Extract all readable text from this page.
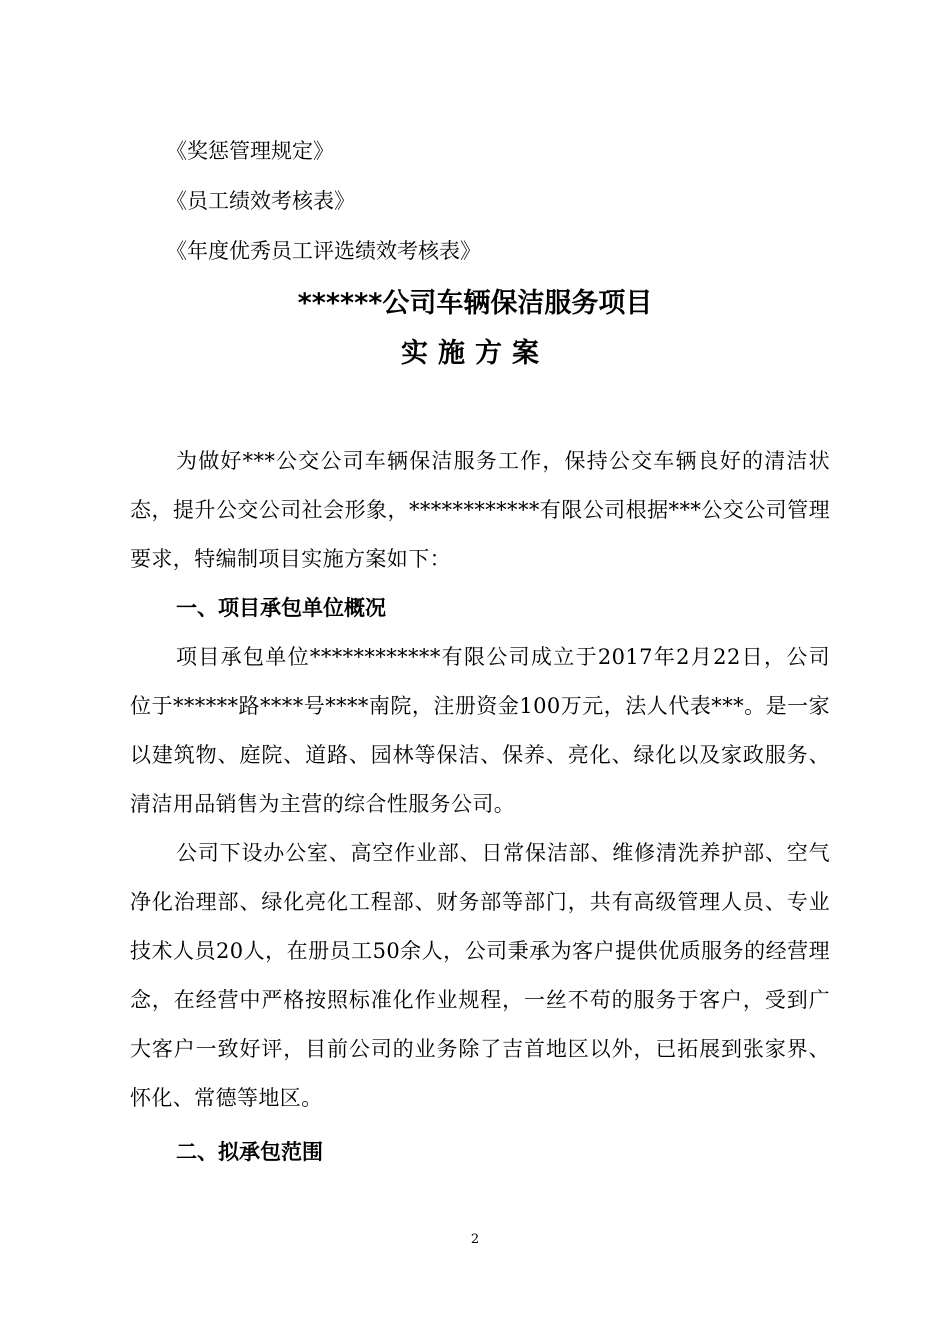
《奖惩管理规定》
《员工绩效考核表》
《年度优秀员工评选绩效考核表》
******公司车辆保洁服务项目
实施方案

为做好***公交公司车辆保洁服务工作，保持公交车辆良好的清洁状态，提升公交公司社会形象，************有限公司根据***公交公司管理要求，特编制项目实施方案如下：

一、项目承包单位概况

项目承包单位************有限公司成立于2017年2月22日，公司位于******路****号****南院，注册资金100万元，法人代表***。是一家以建筑物、庭院、道路、园林等保洁、保养、亮化、绿化以及家政服务、清洁用品销售为主营的综合性服务公司。

公司下设办公室、高空作业部、日常保洁部、维修清洗养护部、空气净化治理部、绿化亮化工程部、财务部等部门，共有高级管理人员、专业技术人员20人，在册员工50余人，公司秉承为客户提供优质服务的经营理念，在经营中严格按照标准化作业规程，一丝不苟的服务于客户，受到广大客户一致好评，目前公司的业务除了吉首地区以外，已拓展到张家界、怀化、常德等地区。

二、拟承包范围
2
